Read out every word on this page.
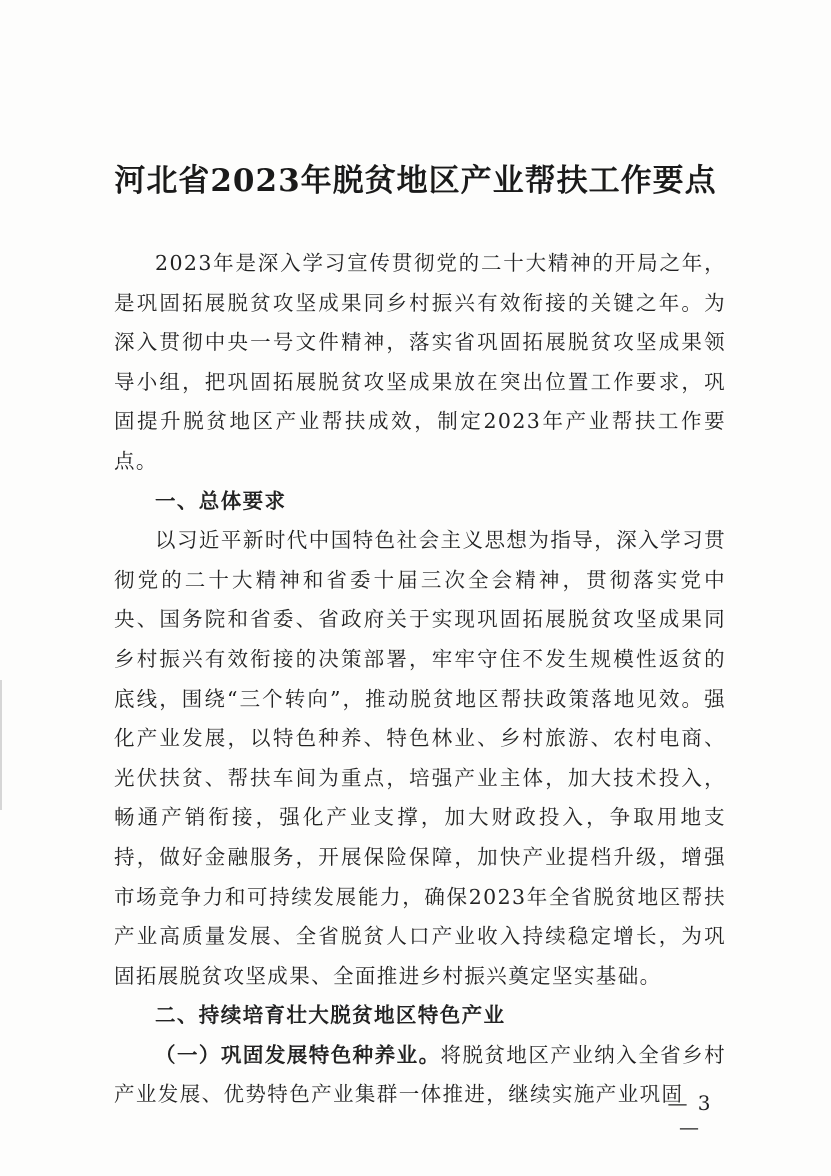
河北省2023年脱贫地区产业帮扶工作要点

2023年是深入学习宣传贯彻党的二十大精神的开局之年，是巩固拓展脱贫攻坚成果同乡村振兴有效衔接的关键之年。为深入贯彻中央一号文件精神，落实省巩固拓展脱贫攻坚成果领导小组，把巩固拓展脱贫攻坚成果放在突出位置工作要求，巩固提升脱贫地区产业帮扶成效，制定2023年产业帮扶工作要点。

一、总体要求

以习近平新时代中国特色社会主义思想为指导，深入学习贯彻党的二十大精神和省委十届三次全会精神，贯彻落实党中央、国务院和省委、省政府关于实现巩固拓展脱贫攻坚成果同乡村振兴有效衔接的决策部署，牢牢守住不发生规模性返贫的底线，围绕“三个转向”，推动脱贫地区帮扶政策落地见效。强化产业发展，以特色种养、特色林业、乡村旅游、农村电商、光伏扶贫、帮扶车间为重点，培强产业主体，加大技术投入，畅通产销衔接，强化产业支撑，加大财政投入，争取用地支持，做好金融服务，开展保险保障，加快产业提档升级，增强市场竞争力和可持续发展能力，确保2023年全省脱贫地区帮扶产业高质量发展、全省脱贫人口产业收入持续稳定增长，为巩固拓展脱贫攻坚成果、全面推进乡村振兴奠定坚实基础。

二、持续培育壮大脱贫地区特色产业

（一）巩固发展特色种养业。将脱贫地区产业纳入全省乡村产业发展、优势特色产业集群一体推进，继续实施产业巩固

— 3 —
